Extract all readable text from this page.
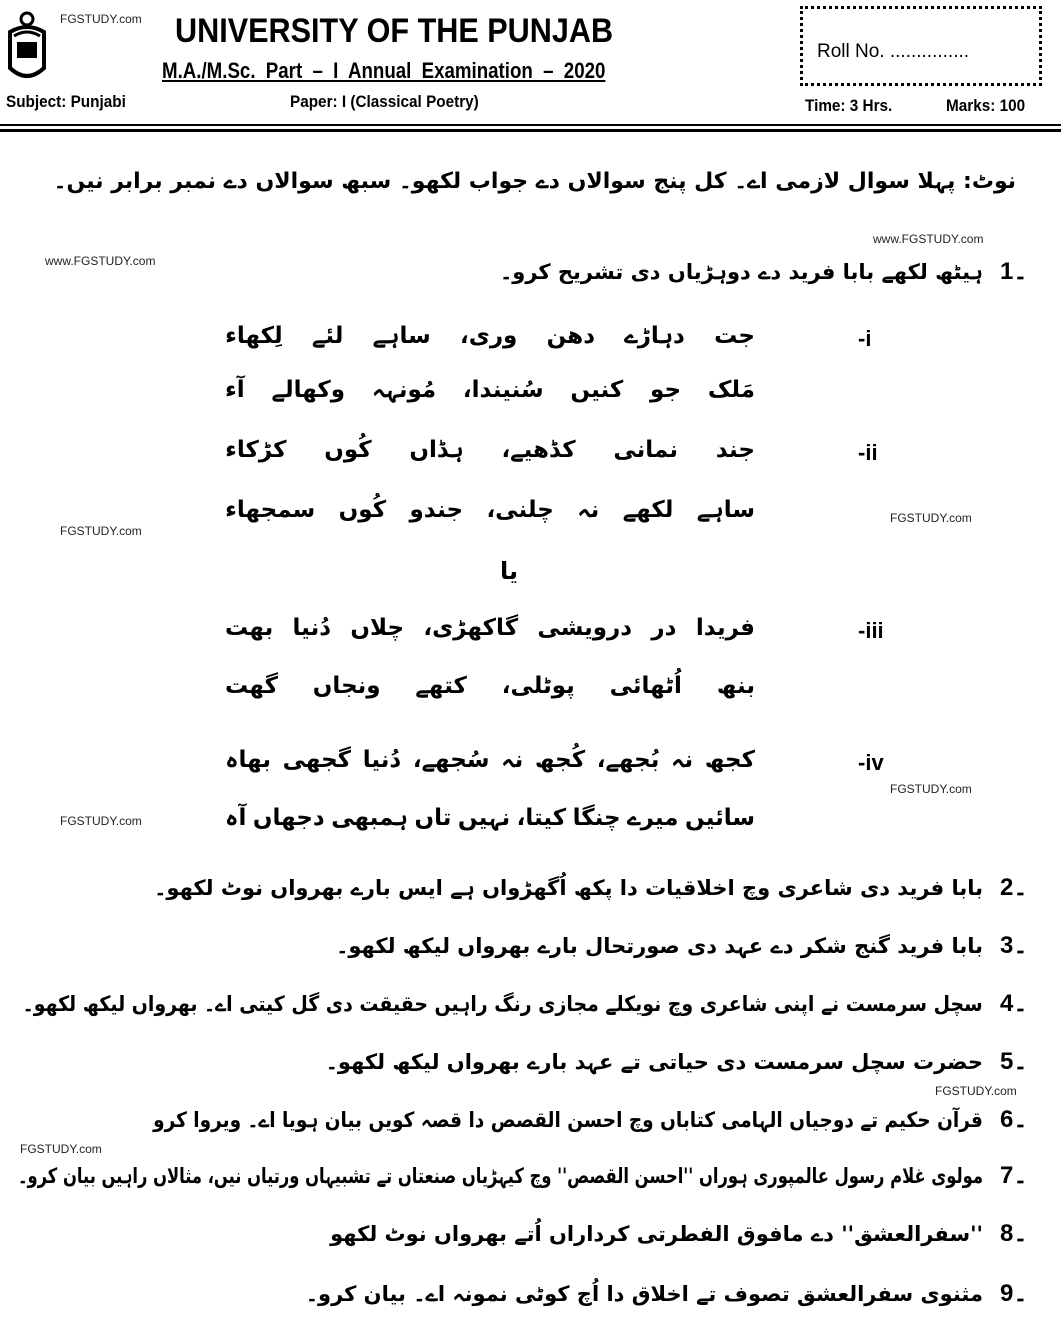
FGSTUDY.com UNIVERSITY OF THE PUNJAB
M.A./M.Sc. Part – I Annual Examination – 2020
Subject: Punjabi	Paper: I (Classical Poetry)	Time: 3 Hrs.	Marks: 100
Roll No. ...............
نوٹ: پہلا سوال لازمی اے۔ کل پنج سوالاں دے جواب لکھو۔ سبھ سوالاں دے نمبر برابر نیں۔
www.FGSTUDY.com
www.FGSTUDY.com
1۔
ہیٹھ لکھے بابا فرید دے دوہڑیاں دی تشریح کرو۔
-i
جت
دہاڑے
دھن
وری،
ساہے
لئے
لِکھاء
مَلک
جو
کنیں
سُنیندا،
مُونہہ
وکھالے
آء
-ii
جند
نمانی
کڈھیے،
ہڈاں
کُوں
کڑکاء
ساہے
لکھے
نہ
چلنی،
جندو
کُوں
سمجھاء
-iii
فریدا
در
درویشی
گاکھڑی،
چلاں
دُنیا
بھت
بنھ
اُٹھائی
پوٹلی،
کتھے
ونجاں
گھت
-iv
کجھ
نہ
بُجھے،
کُجھ
نہ
سُجھے،
دُنیا
گجھی
بھاہ
سائیں
میرے
چنگا
کیتا،
نہیں
تاں
ہمبھی
دجھاں
آہ
یا
FGSTUDY.com
FGSTUDY.com
FGSTUDY.com
FGSTUDY.com
FGSTUDY.com
FGSTUDY.com
2۔
بابا فرید دی شاعری وچ اخلاقیات دا پکھ اُگھڑواں ہے ایس بارے بھرواں نوٹ لکھو۔
3۔
بابا فرید گنج شکر دے عہد دی صورتحال بارے بھرواں لیکھ لکھو۔
4۔
سچل سرمست نے اپنی شاعری وچ نویکلے مجازی رنگ راہیں حقیقت دی گل کیتی اے۔ بھرواں لیکھ لکھو۔
5۔
حضرت سچل سرمست دی حیاتی تے عہد بارے بھرواں لیکھ لکھو۔
6۔
قرآن حکیم تے دوجیاں الہامی کتاباں وچ احسن القصص دا قصہ کویں بیان ہویا اے۔ ویروا کرو
7۔
مولوی غلام رسول عالمپوری ہوراں ''احسن القصص'' وچ کیہڑیاں صنعتاں تے تشبیہاں ورتیاں نیں، مثالاں راہیں بیان کرو۔
8۔
''سفرالعشق'' دے مافوق الفطرتی کرداراں اُتے بھرواں نوٹ لکھو
9۔
مثنوی سفرالعشق تصوف تے اخلاق دا اُچ کوٹی نمونہ اے۔ بیان کرو۔
